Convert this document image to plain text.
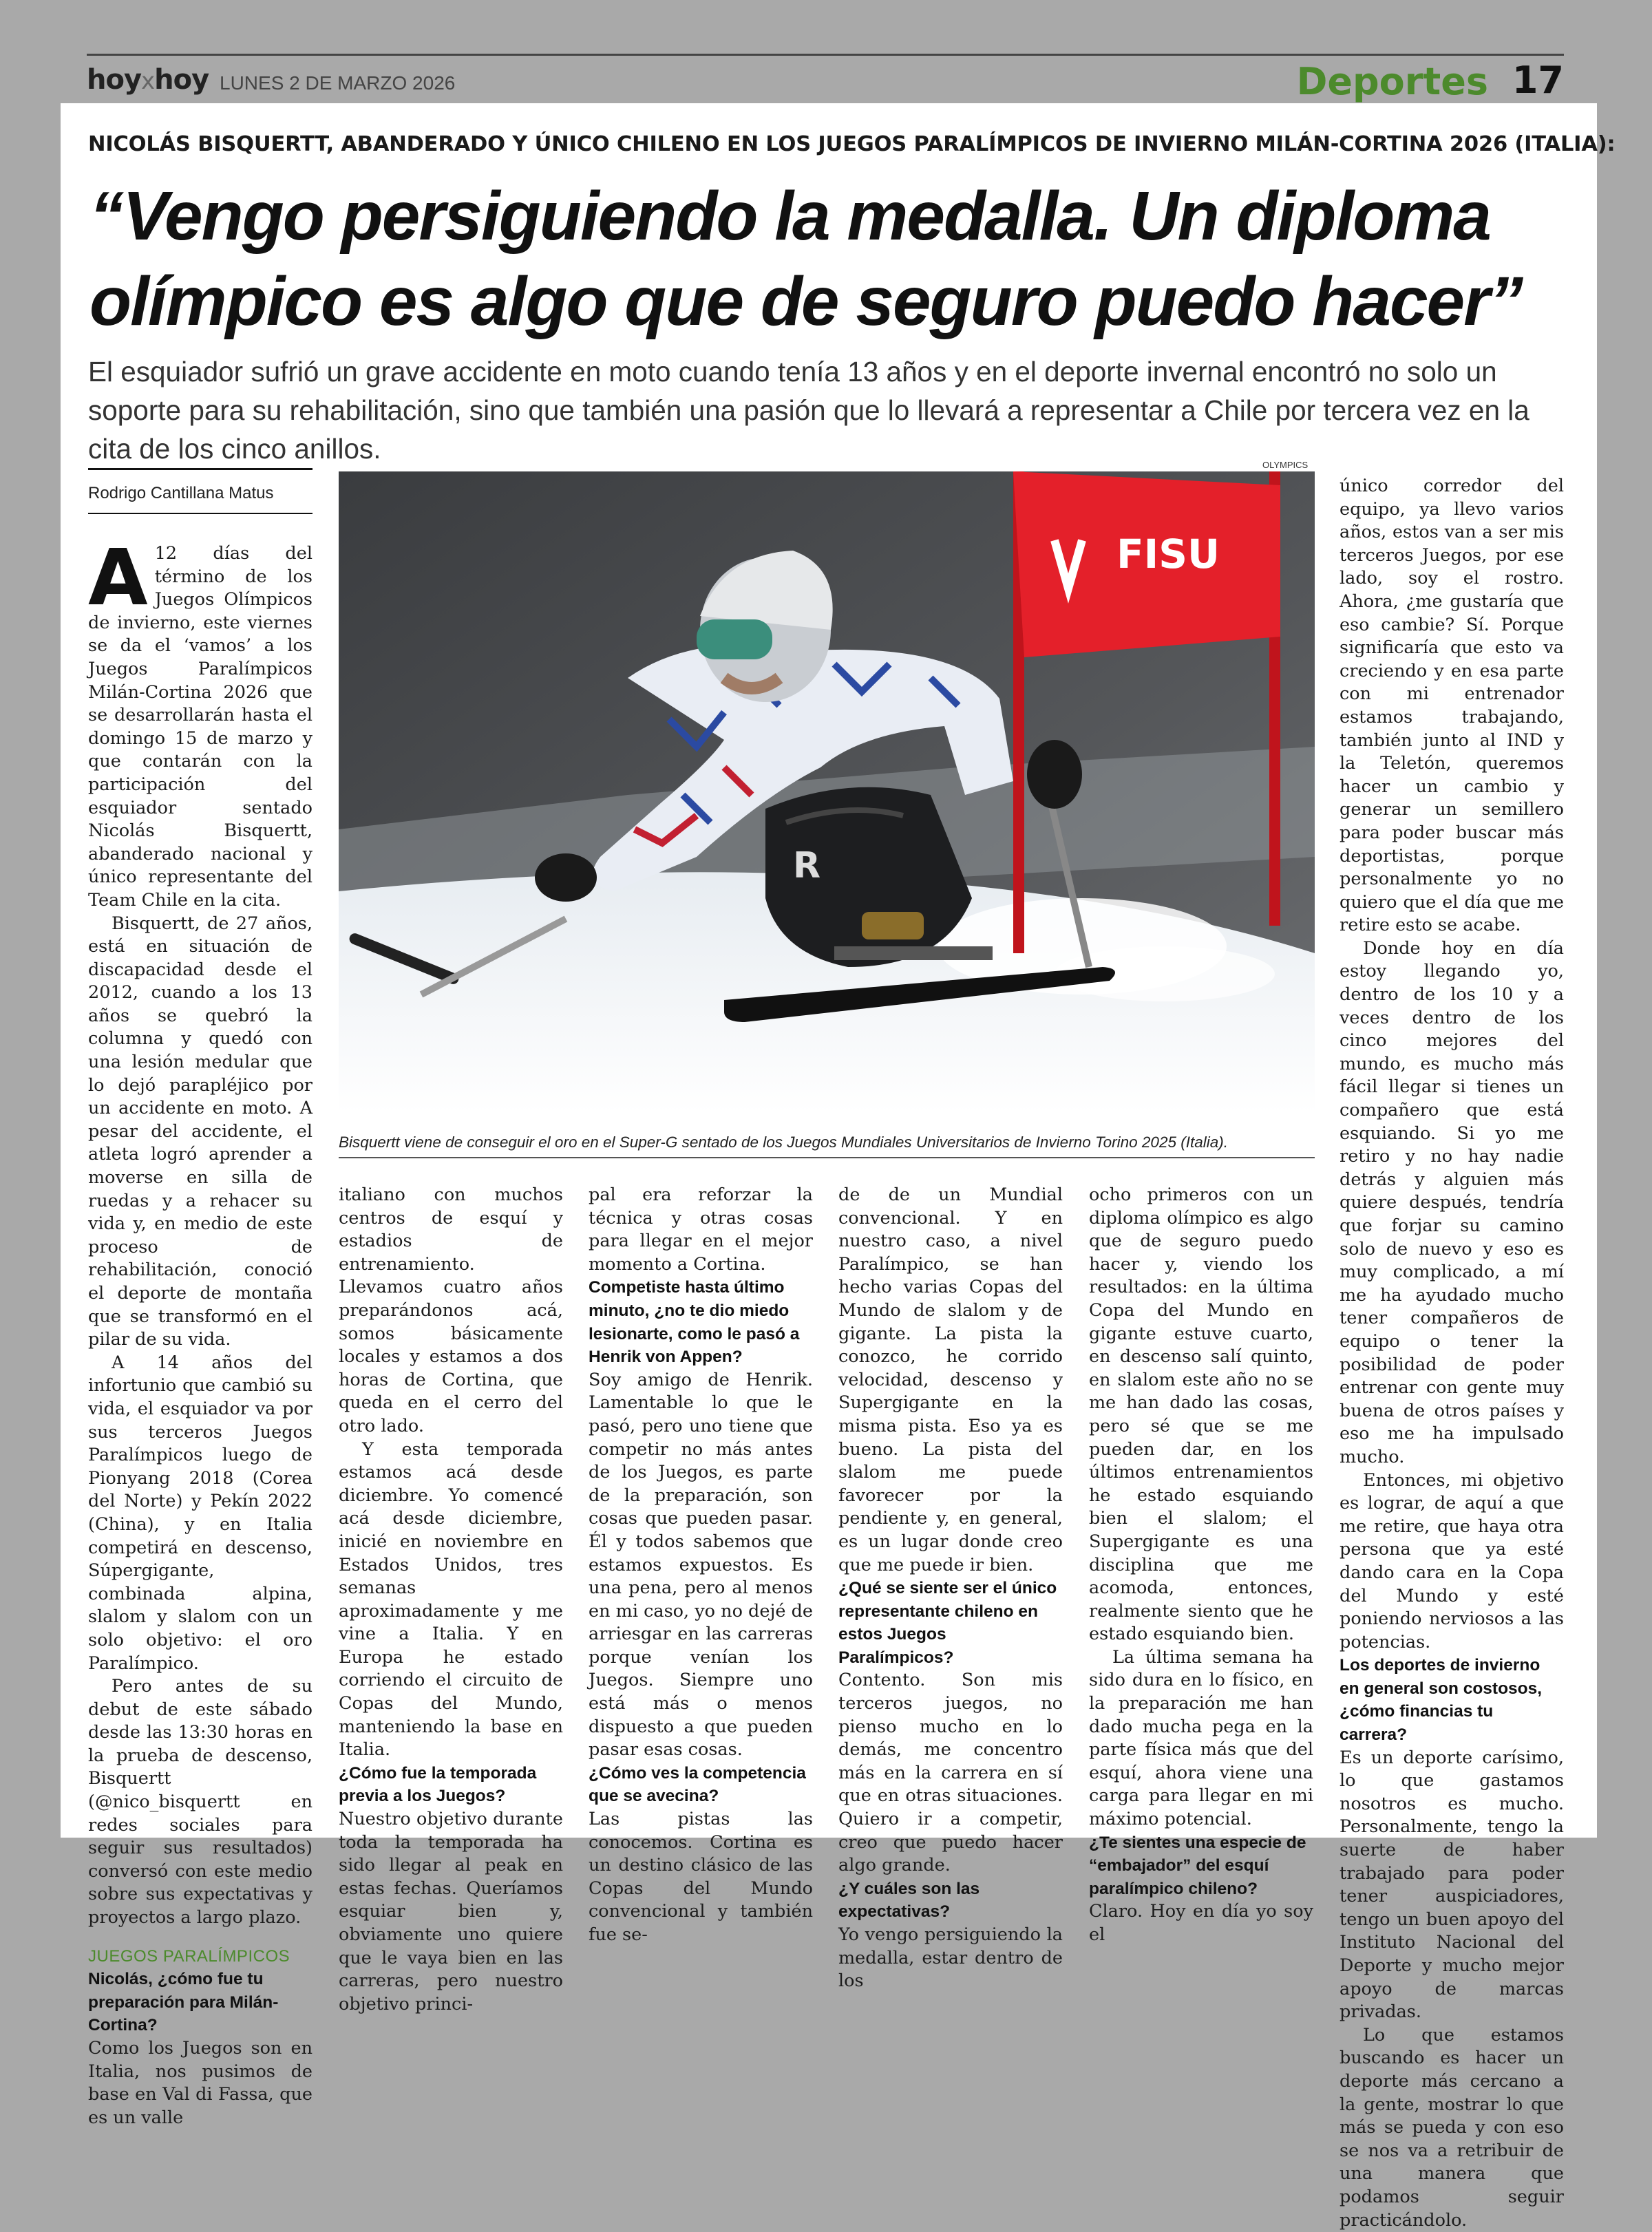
hoyxhoy LUNES 2 DE MARZO 2026	Deportes 17
NICOLÁS BISQUERTT, ABANDERADO Y ÚNICO CHILENO EN LOS JUEGOS PARALÍMPICOS DE INVIERNO MILÁN-CORTINA 2026 (ITALIA):
“Vengo persiguiendo la medalla. Un diploma olímpico es algo que de seguro puedo hacer”
El esquiador sufrió un grave accidente en moto cuando tenía 13 años y en el deporte invernal encontró no solo un soporte para su rehabilitación, sino que también una pasión que lo llevará a representar a Chile por tercera vez en la cita de los cinco anillos.
Rodrigo Cantillana Matus
OLYMPICS
FISU
R
Bisquertt viene de conseguir el oro en el Super-G sentado de los Juegos Mundiales Universitarios de Invierno Torino 2025 (Italia).
A 12 días del término de los Juegos Olímpicos de invierno, este viernes se da el ‘vamos’ a los Juegos Paralímpicos Milán-Cortina 2026 que se desarrollarán hasta el domingo 15 de marzo y que contarán con la participación del esquiador sentado Nicolás Bisquertt, abanderado nacional y único representante del Team Chile en la cita.

Bisquertt, de 27 años, está en situación de discapacidad desde el 2012, cuando a los 13 años se quebró la columna y quedó con una lesión medular que lo dejó parapléjico por un accidente en moto. A pesar del accidente, el atleta logró aprender a moverse en silla de ruedas y a rehacer su vida y, en medio de este proceso de rehabilitación, conoció el deporte de montaña que se transformó en el pilar de su vida.

A 14 años del infortunio que cambió su vida, el esquiador va por sus terceros Juegos Paralímpicos luego de Pionyang 2018 (Corea del Norte) y Pekín 2022 (China), y en Italia competirá en descenso, Súpergigante, combinada alpina, slalom y slalom con un solo objetivo: el oro Paralímpico.

Pero antes de su debut de este sábado desde las 13:30 horas en la prueba de descenso, Bisquertt (@nico_bisquertt en redes sociales para seguir sus resultados) conversó con este medio sobre sus expectativas y proyectos a largo plazo.

JUEGOS PARALÍMPICOS
Nicolás, ¿cómo fue tu preparación para Milán-Cortina?

Como los Juegos son en Italia, nos pusimos de base en Val di Fassa, que es un valle

italiano con muchos centros de esquí y estadios de entrenamiento. Llevamos cuatro años preparándonos acá, somos básicamente locales y estamos a dos horas de Cortina, que queda en el cerro del otro lado.

Y esta temporada estamos acá desde diciembre. Yo comencé acá desde diciembre, inicié en noviembre en Estados Unidos, tres semanas aproximadamente y me vine a Italia. Y en Europa he estado corriendo el circuito de Copas del Mundo, manteniendo la base en Italia.

¿Cómo fue la temporada previa a los Juegos?

Nuestro objetivo durante toda la temporada ha sido llegar al peak en estas fechas. Queríamos esquiar bien y, obviamente uno quiere que le vaya bien en las carreras, pero nuestro objetivo princi-

pal era reforzar la técnica y otras cosas para llegar en el mejor momento a Cortina.

Competiste hasta último minuto, ¿no te dio miedo lesionarte, como le pasó a Henrik von Appen?

Soy amigo de Henrik. Lamentable lo que le pasó, pero uno tiene que competir no más antes de los Juegos, es parte de la preparación, son cosas que pueden pasar. Él y todos sabemos que estamos expuestos. Es una pena, pero al menos en mi caso, yo no dejé de arriesgar en las carreras porque venían los Juegos. Siempre uno está más o menos dispuesto a que pueden pasar esas cosas.

¿Cómo ves la competencia que se avecina?

Las pistas las conocemos. Cortina es un destino clásico de las Copas del Mundo convencional y también fue se-

de de un Mundial convencional. Y en nuestro caso, a nivel Paralímpico, se han hecho varias Copas del Mundo de slalom y de gigante. La pista la conozco, he corrido velocidad, descenso y Supergigante en la misma pista. Eso ya es bueno. La pista del slalom me puede favorecer por la pendiente y, en general, es un lugar donde creo que me puede ir bien.

¿Qué se siente ser el único representante chileno en estos Juegos Paralímpicos?

Contento. Son mis terceros juegos, no pienso mucho en lo demás, me concentro más en la carrera en sí que en otras situaciones. Quiero ir a competir, creo que puedo hacer algo grande.

¿Y cuáles son las expectativas?

Yo vengo persiguiendo la medalla, estar dentro de los

ocho primeros con un diploma olímpico es algo que de seguro puedo hacer y, viendo los resultados: en la última Copa del Mundo en gigante estuve cuarto, en descenso salí quinto, en slalom este año no se me han dado las cosas, pero sé que se me pueden dar, en los últimos entrenamientos he estado esquiando bien el slalom; el Supergigante es una disciplina que me acomoda, entonces, realmente siento que he estado esquiando bien.

La última semana ha sido dura en lo físico, en la preparación me han dado mucha pega en la parte física más que del esquí, ahora viene una carga para llegar en mi máximo potencial.

¿Te sientes una especie de “embajador” del esquí paralímpico chileno?

Claro. Hoy en día yo soy el

único corredor del equipo, ya llevo varios años, estos van a ser mis terceros Juegos, por ese lado, soy el rostro. Ahora, ¿me gustaría que eso cambie? Sí. Porque significaría que esto va creciendo y en esa parte con mi entrenador estamos trabajando, también junto al IND y la Teletón, queremos hacer un cambio y generar un semillero para poder buscar más deportistas, porque personalmente yo no quiero que el día que me retire esto se acabe.

Donde hoy en día estoy llegando yo, dentro de los 10 y a veces dentro de los cinco mejores del mundo, es mucho más fácil llegar si tienes un compañero que está esquiando. Si yo me retiro y no hay nadie detrás y alguien más quiere después, tendría que forjar su camino solo de nuevo y eso es muy complicado, a mí me ha ayudado mucho tener compañeros de equipo o tener la posibilidad de poder entrenar con gente muy buena de otros países y eso me ha impulsado mucho.

Entonces, mi objetivo es lograr, de aquí a que me retire, que haya otra persona que ya esté dando cara en la Copa del Mundo y esté poniendo nerviosos a las potencias.

Los deportes de invierno en general son costosos, ¿cómo financias tu carrera?

Es un deporte carísimo, lo que gastamos nosotros es mucho. Personalmente, tengo la suerte de haber trabajado para poder tener auspiciadores, tengo un buen apoyo del Instituto Nacional del Deporte y mucho mejor apoyo de marcas privadas.

Lo que estamos buscando es hacer un deporte más cercano a la gente, mostrar lo que más se pueda y con eso se nos va a retribuir de una manera que podamos seguir practicándolo.
